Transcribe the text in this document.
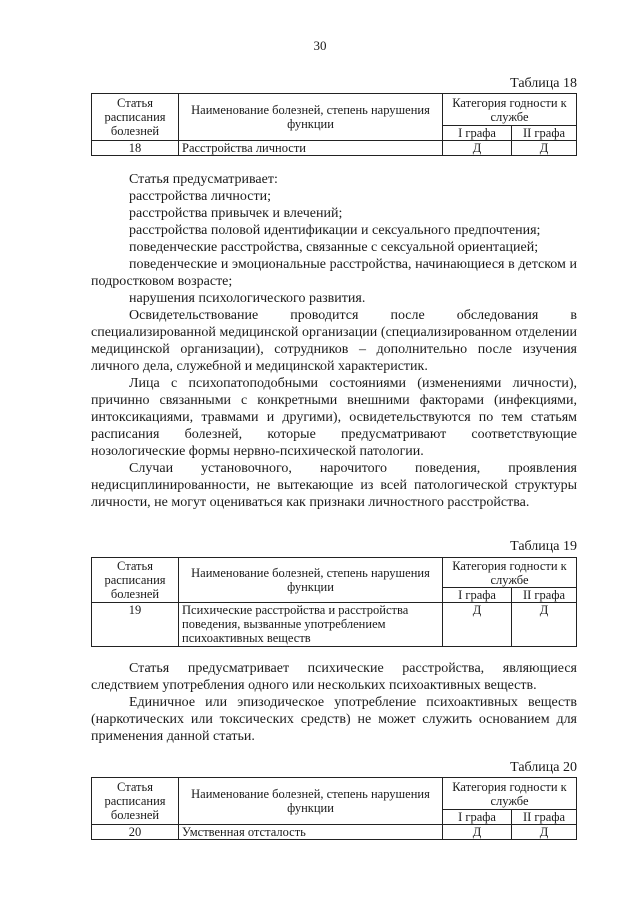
30
Таблица 18
Статья расписания болезней	Наименование болезней, степень нарушения функции	Категория годности к службе	
		I графа	II графа
18	Расстройства личности	Д	Д

Статья предусматривает:

расстройства личности;

расстройства привычек и влечений;

расстройства половой идентификации и сексуального предпочтения;

поведенческие расстройства, связанные с сексуальной ориентацией;

поведенческие и эмоциональные расстройства, начинающиеся в детском и подростковом возрасте;

нарушения психологического развития.

Освидетельствование проводится после обследования в специализированной медицинской организации (специализированном отделении медицинской организации), сотрудников – дополнительно после изучения личного дела, служебной и медицинской характеристик.

Лица с психопатоподобными состояниями (изменениями личности), причинно связанными с конкретными внешними факторами (инфекциями, интоксикациями, травмами и другими), освидетельствуются по тем статьям расписания болезней, которые предусматривают соответствующие нозологические формы нервно-психической патологии.

Случаи установочного, нарочитого поведения, проявления недисциплинированности, не вытекающие из всей патологической структуры личности, не могут оцениваться как признаки личностного расстройства.

Таблица 19
Статья расписания болезней	Наименование болезней, степень нарушения функции	Категория годности к службе	
		I графа	II графа
19	Психические расстройства и расстройства поведения, вызванные употреблением психоактивных веществ	Д	Д

Статья предусматривает психические расстройства, являющиеся следствием употребления одного или нескольких психоактивных веществ.

Единичное или эпизодическое употребление психоактивных веществ (наркотических или токсических средств) не может служить основанием для применения данной статьи.

Таблица 20
Статья расписания болезней	Наименование болезней, степень нарушения функции	Категория годности к службе	
		I графа	II графа
20	Умственная отсталость	Д	Д
